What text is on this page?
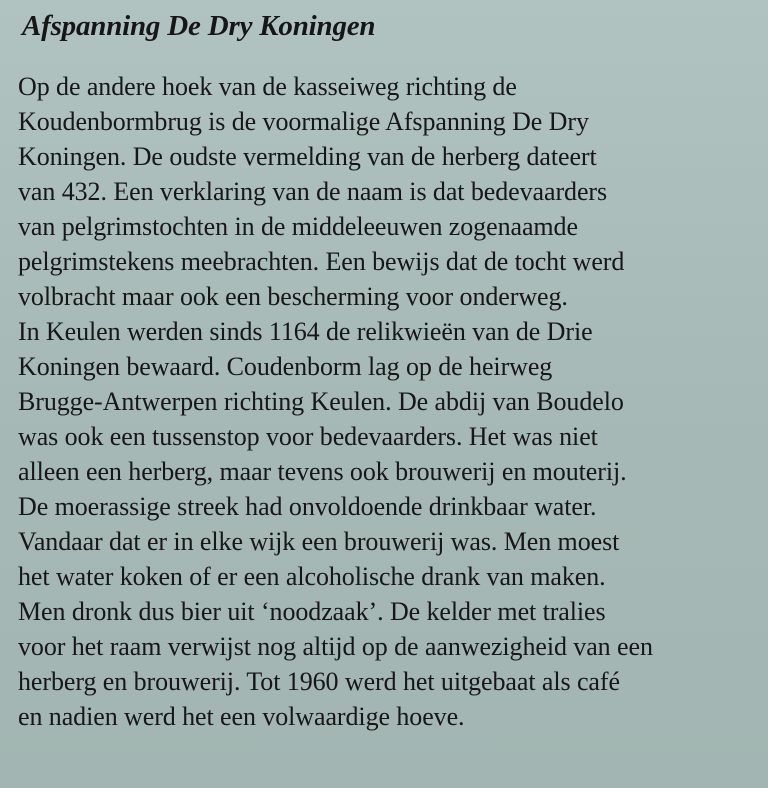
Afspanning De Dry Koningen
Op de andere hoek van de kasseiweg richting de
Koudenbormbrug is de voormalige Afspanning De Dry
Koningen. De oudste vermelding van de herberg dateert
van 432. Een verklaring van de naam is dat bedevaarders
van pelgrimstochten in de middeleeuwen zogenaamde
pelgrimstekens meebrachten. Een bewijs dat de tocht werd
volbracht maar ook een bescherming voor onderweg.
In Keulen werden sinds 1164 de relikwieën van de Drie
Koningen bewaard. Coudenborm lag op de heirweg
Brugge-Antwerpen richting Keulen. De abdij van Boudelo
was ook een tussenstop voor bedevaarders. Het was niet
alleen een herberg, maar tevens ook brouwerij en mouterij.
De moerassige streek had onvoldoende drinkbaar water.
Vandaar dat er in elke wijk een brouwerij was. Men moest
het water koken of er een alcoholische drank van maken.
Men dronk dus bier uit ‘noodzaak’. De kelder met tralies
voor het raam verwijst nog altijd op de aanwezigheid van een
herberg en brouwerij. Tot 1960 werd het uitgebaat als café
en nadien werd het een volwaardige hoeve.
